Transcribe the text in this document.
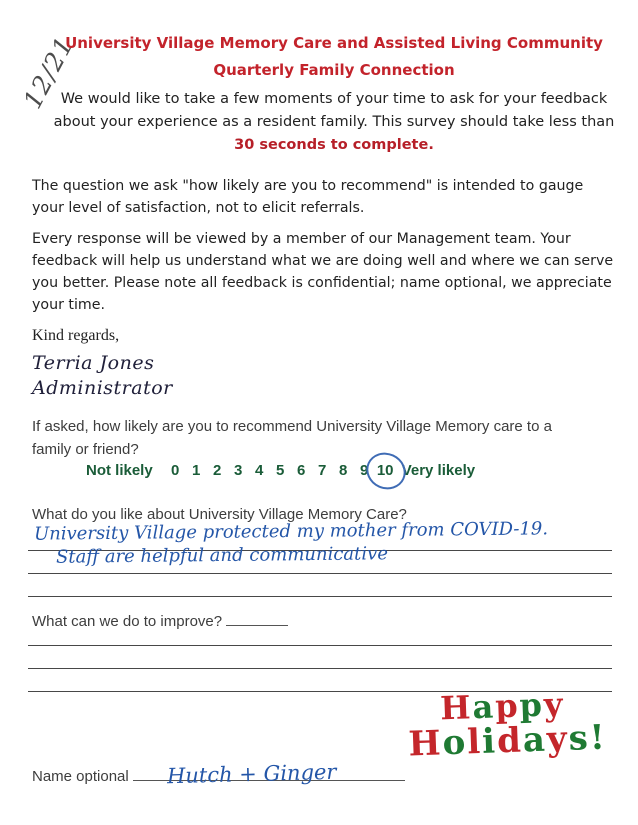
12/21
University Village Memory Care and Assisted Living Community
Quarterly Family Connection
We would like to take a few moments of your time to ask for your feedback
about your experience as a resident family. This survey should take less than
30 seconds to complete.
The question we ask "how likely are you to recommend" is intended to gauge your level of satisfaction, not to elicit referrals.
Every response will be viewed by a member of our Management team. Your feedback will help us understand what we are doing well and where we can serve you better. Please note all feedback is confidential; name optional, we appreciate your time.
Kind regards,
Terria Jones
Administrator
If asked, how likely are you to recommend University Village Memory care to a family or friend?
Not likely	0 1 2 3 4 5 6 7 8 9 10 Very likely
What do you like about University Village Memory Care?
University Village protected my mother from COVID-19.
Staff are helpful and communicative
What can we do to improve?
Happy
Holidays!
Name optional Hutch + Ginger
